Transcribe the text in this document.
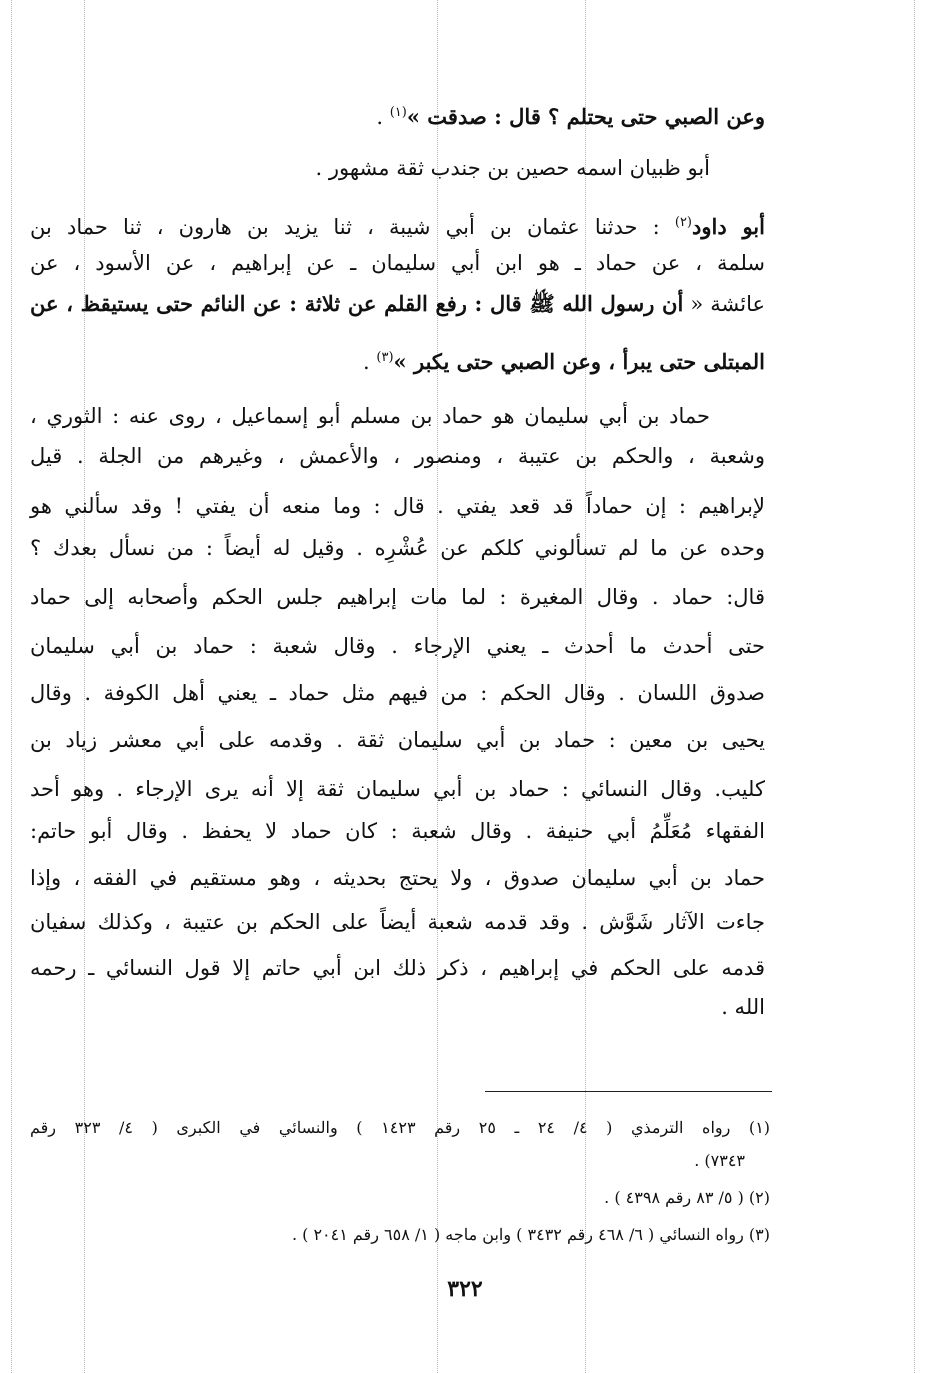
وعن الصبي حتى يحتلم ؟ قال : صدقت »$^{(١)}$ .
أبو ظبيان اسمه حصين بن جندب ثقة مشهور .
أبو داود$^{(٢)}$ : حدثنا عثمان بن أبي شيبة ، ثنا يزيد بن هارون ، ثنا حماد بن
سلمة ، عن حماد ـ هو ابن أبي سليمان ـ عن إبراهيم ، عن الأسود ، عن
عائشة « أن رسول الله ﷺ قال : رفع القلم عن ثلاثة : عن النائم حتى يستيقظ ، عن
المبتلى حتى يبرأ ، وعن الصبي حتى يكبر »$^{(٣)}$ .
حماد بن أبي سليمان هو حماد بن مسلم أبو إسماعيل ، روى عنه : الثوري ،
وشعبة ، والحكم بن عتيبة ، ومنصور ، والأعمش ، وغيرهم من الجلة . قيل
لإبراهيم : إن حماداً قد قعد يفتي . قال : وما منعه أن يفتي ! وقد سألني هو
وحده عن ما لم تسألوني كلكم عن عُشْرِه . وقيل له أيضاً : من نسأل بعدك ؟
قال: حماد . وقال المغيرة : لما مات إبراهيم جلس الحكم وأصحابه إلى حماد
حتى أحدث ما أحدث ـ يعني الإرجاء . وقال شعبة : حماد بن أبي سليمان
صدوق اللسان . وقال الحكم : من فيهم مثل حماد ـ يعني أهل الكوفة . وقال
يحيى بن معين : حماد بن أبي سليمان ثقة . وقدمه على أبي معشر زياد بن
كليب. وقال النسائي : حماد بن أبي سليمان ثقة إلا أنه يرى الإرجاء . وهو أحد
الفقهاء مُعَلِّمُ أبي حنيفة . وقال شعبة : كان حماد لا يحفظ . وقال أبو حاتم:
حماد بن أبي سليمان صدوق ، ولا يحتج بحديثه ، وهو مستقيم في الفقه ، وإذا
جاءت الآثار شَوَّش . وقد قدمه شعبة أيضاً على الحكم بن عتيبة ، وكذلك سفيان
قدمه على الحكم في إبراهيم ، ذكر ذلك ابن أبي حاتم إلا قول النسائي ـ رحمه
الله .
(١) رواه الترمذي ( ٤/ ٢٤ ـ ٢٥ رقم ١٤٢٣ ) والنسائي في الكبرى ( ٤/ ٣٢٣ رقم
٧٣٤٣) .
(٢) ( ٥/ ٨٣ رقم ٤٣٩٨ ) .
(٣) رواه النسائي ( ٦/ ٤٦٨ رقم ٣٤٣٢ ) وابن ماجه ( ١/ ٦٥٨ رقم ٢٠٤١ ) .
٣٢٢
